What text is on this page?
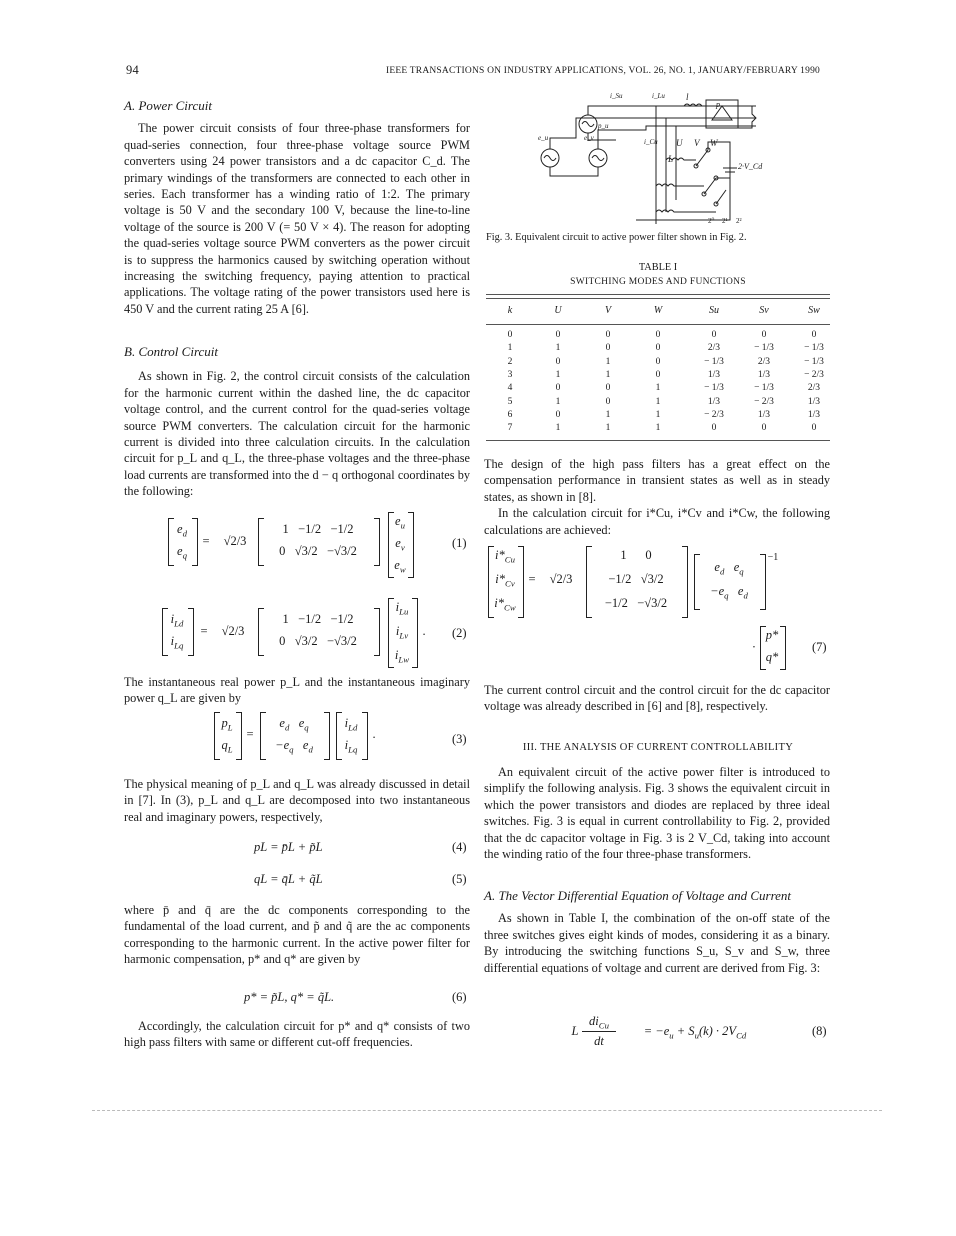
94	IEEE TRANSACTIONS ON INDUSTRY APPLICATIONS, VOL. 26, NO. 1, JANUARY/FEBRUARY 1990
A. Power Circuit

The power circuit consists of four three-phase transformers for quad-series connection, four three-phase voltage source PWM converters using 24 power transistors and a dc capacitor C_d. The primary windings of the transformers are connected to each other in series. Each transformer has a winding ratio of 1:2. The primary voltage is 50 V and the secondary 100 V, because the line-to-line voltage of the source is 200 V (= 50 V × 4). The reason for adopting the quad-series voltage source PWM converters as the power circuit is to suppress the harmonics caused by switching operation without increasing the switching frequency, paying attention to practical applications. The voltage rating of the power transistors used here is 450 V and the current rating 25 A [6].

B. Control Circuit

As shown in Fig. 2, the control circuit consists of the calculation for the harmonic current within the dashed line, the dc capacitor voltage control, and the current control for the quad-series voltage source PWM converters. The calculation circuit for the harmonic current is divided into three calculation circuits. In the calculation circuit for p_L and q_L, the three-phase voltages and the three-phase load currents are transformed into the d − q orthogonal coordinates by the following:

$e_d$
$e_q$
=	√2/3
1   −1/2   −1/2
0   √3/2   −√3/2
$e_u$
$e_v$
$e_w$
(1)
$i_{Ld}$
$i_{Lq}$
=	√2/3
1   −1/2   −1/2
0   √3/2   −√3/2
$i_{Lu}$
$i_{Lv}$
$i_{Lw}$
. (2)

The instantaneous real power p_L and the instantaneous imaginary power q_L are given by

$p_L$
$q_L$
=
$e_d$   $e_q$
$-e_q$   $e_d$
$i_{Ld}$
$i_{Lq}$
.	(3)

The physical meaning of p_L and q_L was already discussed in detail in [7]. In (3), p_L and q_L are decomposed into two instantaneous real and imaginary powers, respectively,

pL = p̄L + p̃L	(4)
qL = q̄L + q̃L	(5)

where p̄ and q̄ are the dc components corresponding to the fundamental of the load current, and p̃ and q̃ are the ac components corresponding to the harmonic current. In the active power filter for harmonic compensation, p* and q* are given by

p* = p̃L, q* = q̃L.	(6)

Accordingly, the calculation circuit for p* and q* consists of two high pass filters with same or different cut-off frequencies.

i_Su	i_Lu l
p
p_u
e_u	e_v	i_Cu U V W
L
2·V_Cd
2⁰ 2¹ 2²
Fig. 3. Equivalent circuit to active power filter shown in Fig. 2.
TABLE I
SWITCHING MODES AND FUNCTIONS
k	U	V	W	Su	Sv	Sw
0	0	0	0	0	0	0
1	1	0	0	2/3	− 1/3	− 1/3
2	0	1	0	− 1/3	2/3	− 1/3
3	1	1	0	1/3	1/3	− 2/3
4	0	0	1	− 1/3	− 1/3	2/3
5	1	0	1	1/3	− 2/3	1/3
6	0	1	1	− 2/3	1/3	1/3
7	1	1	1	0	0	0

The design of the high pass filters has a great effect on the compensation performance in transient states as well as in steady states, as shown in [8].

In the calculation circuit for i*Cu, i*Cv and i*Cw, the following calculations are achieved:

$i*_{Cu}$
$i*_{Cv}$
$i*_{Cw}$
=	√2/3
1      0
−1/2   √3/2
−1/2   −√3/2
$e_d$   $e_q$
$-e_q$   $e_d$
−1
·
p*
q*
(7)

The current control circuit and the control circuit for the dc capacitor voltage was already described in [6] and [8], respectively.

III. THE ANALYSIS OF CURRENT CONTROLLABILITY

An equivalent circuit of the active power filter is introduced to simplify the following analysis. Fig. 3 shows the equivalent circuit in which the power transistors and diodes are replaced by three ideal switches. Fig. 3 is equal in current controllability to Fig. 2, provided that the dc capacitor voltage in Fig. 3 is 2 V_Cd, taking into account the winding ratio of the four three-phase transformers.

A. The Vector Differential Equation of Voltage and Current

As shown in Table I, the combination of the on-off state of the three switches gives eight kinds of modes, considering it as a binary. By introducing the switching functions S_u, S_v and S_w, three differential equations of voltage and current are derived from Fig. 3:

L
$di_{Cu}$
dt
= $-e_u + S_u(k) \cdot 2V_{Cd}$	(8)
